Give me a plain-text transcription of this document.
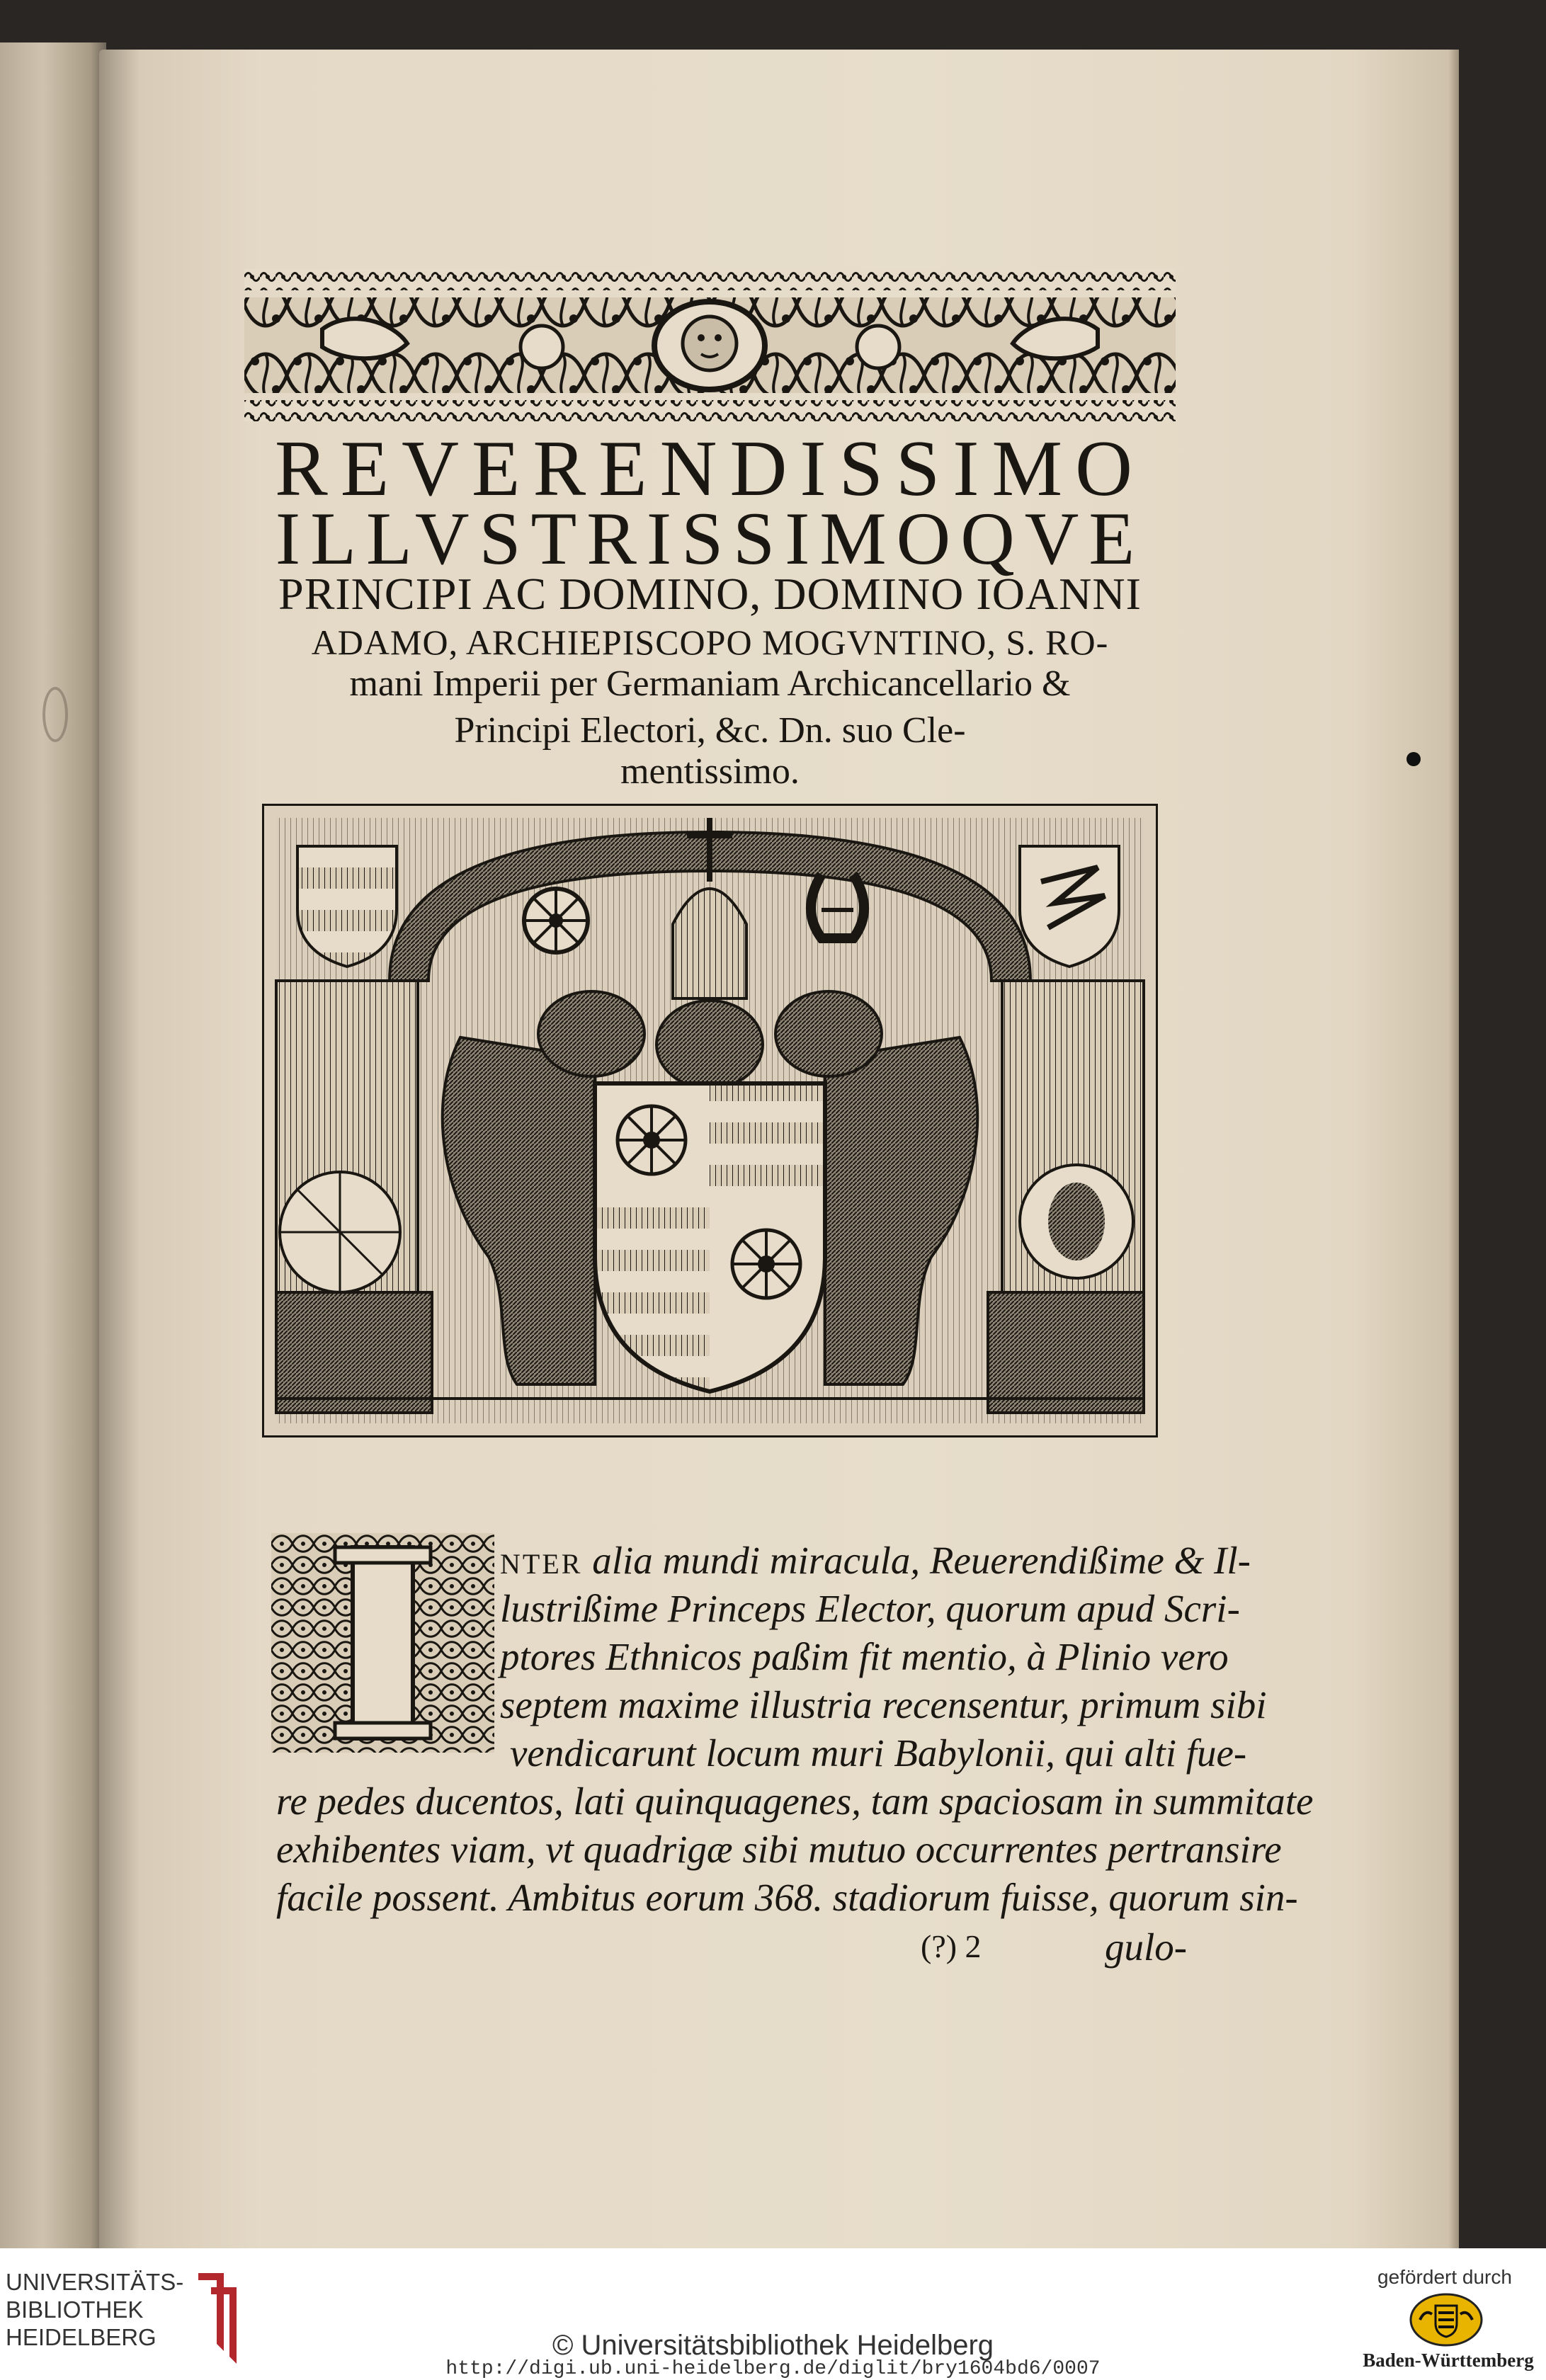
REVERENDISSIMO
ILLVSTRISSIMOQVE
PRINCIPI AC DOMINO, DOMINO IOANNI
ADAMO, ARCHIEPISCOPO MOGVNTINO, S. RO-
mani Imperii per Germaniam Archicancellario &
Principi Electori, &c. Dn. suo Cle-
mentissimo.
NTER alia mundi miracula, Reuerendißime & Il-
lustrißime Princeps Elector, quorum apud Scri-
ptores Ethnicos paßim fit mentio, à Plinio vero
septem maxime illustria recensentur, primum sibi
vendicarunt locum muri Babylonii, qui alti fue-
re pedes ducentos, lati quinquagenes, tam spaciosam in summitate
exhibentes viam, vt quadrigæ sibi mutuo occurrentes pertransire
facile possent. Ambitus eorum 368. stadiorum fuisse, quorum sin-
(?) 2	gulo-
UNIVERSITÄTS-
BIBLIOTHEK
HEIDELBERG	© Universitätsbibliothek Heidelberg
http://digi.ub.uni-heidelberg.de/diglit/bry1604bd6/0007
gefördert durch
Baden-Württemberg
